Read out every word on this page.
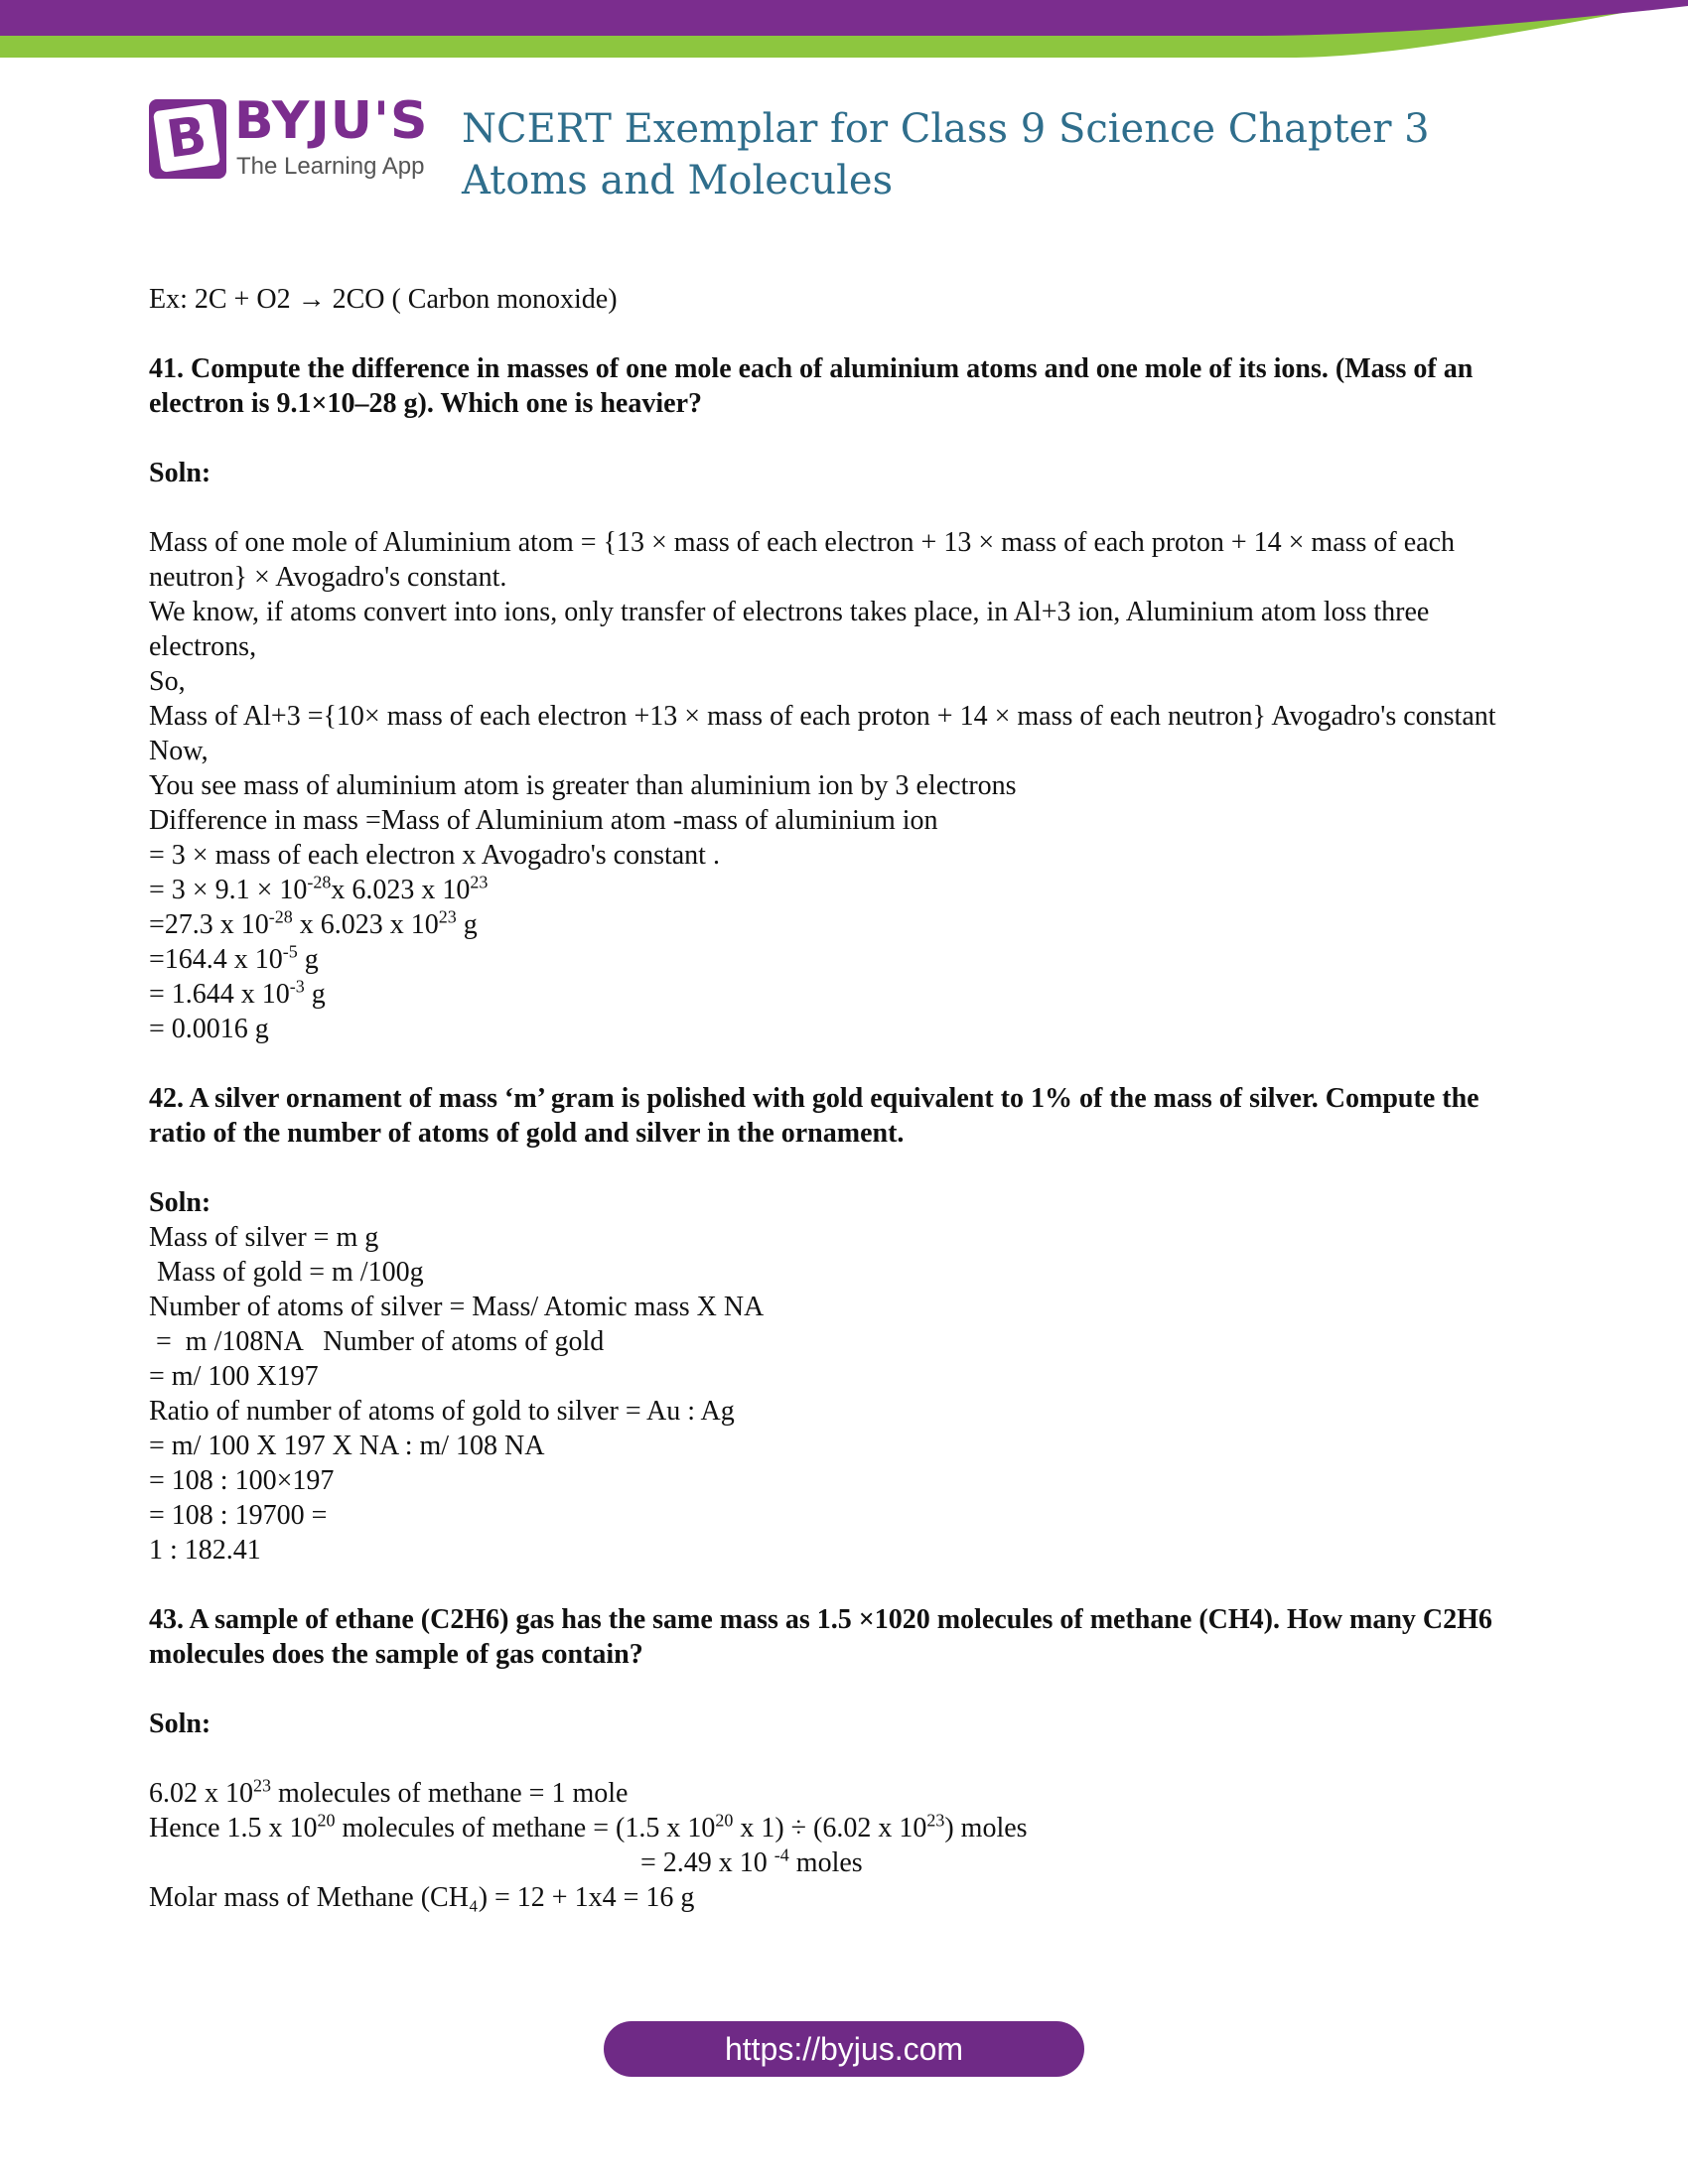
B BYJU'S
The Learning App
NCERT Exemplar for Class 9 Science Chapter 3 Atoms and Molecules

Ex: 2C + O2 → 2CO ( Carbon monoxide)

41. Compute the difference in masses of one mole each of aluminium atoms and one mole of its ions. (Mass of an electron is 9.1×10–28 g). Which one is heavier?

Soln:

Mass of one mole of Aluminium atom = {13 × mass of each electron + 13 × mass of each proton + 14 × mass of each neutron} × Avogadro's constant.

We know, if atoms convert into ions, only transfer of electrons takes place, in Al+3 ion, Aluminium atom loss three electrons,

So,

Mass of Al+3 ={10× mass of each electron +13 × mass of each proton + 14 × mass of each neutron} Avogadro's constant

Now,

You see mass of aluminium atom is greater than aluminium ion by 3 electrons

Difference in mass =Mass of Aluminium atom -mass of aluminium ion

= 3 × mass of each electron x Avogadro's constant .

= $3 \times 9.1 \times 10^{-28}x$ 6.023 x $10^{23}$

=27.3 x $10^{-28}$ x 6.023 x $10^{23}$ g

=164.4 x $10^{-5}$ g

= 1.644 x $10^{-3}$ g

= 0.0016 g

42. A silver ornament of mass ‘m’ gram is polished with gold equivalent to 1% of the mass of silver. Compute the ratio of the number of atoms of gold and silver in the ornament.

Soln:

Mass of silver = m g

Mass of gold = m /100g

Number of atoms of silver = Mass/ Atomic mass X NA

=  m /108NA   Number of atoms of gold

= m/ 100 X197

Ratio of number of atoms of gold to silver = Au : Ag

= m/ 100 X 197 X NA : m/ 108 NA

= 108 : 100×197

= 108 : 19700 =

1 : 182.41

43. A sample of ethane (C2H6) gas has the same mass as 1.5 ×1020 molecules of methane (CH4). How many C2H6 molecules does the sample of gas contain?

Soln:

6.02 x $10^{23}$ molecules of methane = 1 mole

Hence 1.5 x $10^{20}$ molecules of methane = (1.5 x $10^{20}$ x 1) ÷ (6.02 x $10^{23}$) moles

= 2.49 x 10 $^{-4}$ moles

Molar mass of Methane (CH₄) = 12 + 1x4 = 16 g

https://byjus.com
